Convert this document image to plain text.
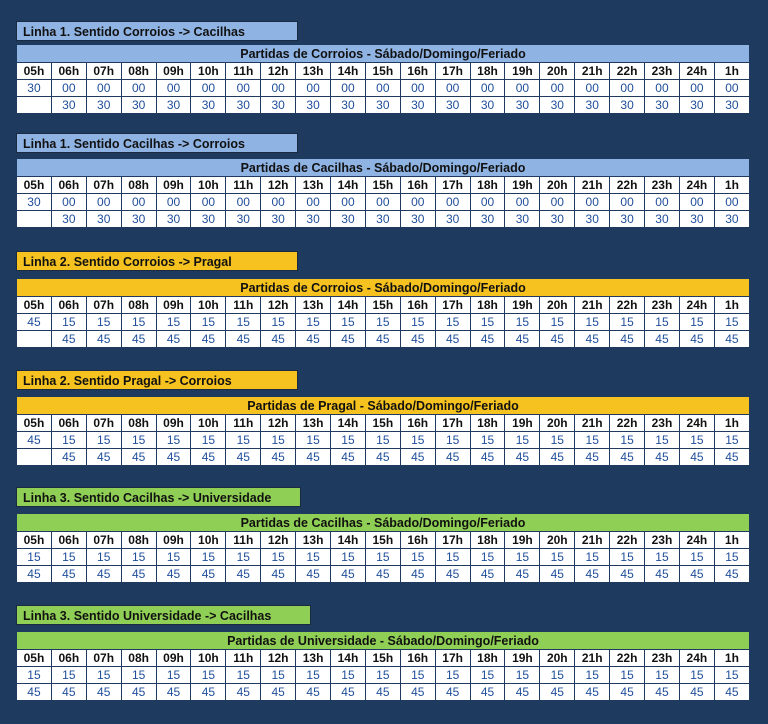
Linha 1. Sentido Corroios -> Cacilhas
Partidas de Corroios - Sábado/Domingo/Feriado																				
05h	06h	07h	08h	09h	10h	11h	12h	13h	14h	15h	16h	17h	18h	19h	20h	21h	22h	23h	24h	1h
30	00	00	00	00	00	00	00	00	00	00	00	00	00	00	00	00	00	00	00	00
	30	30	30	30	30	30	30	30	30	30	30	30	30	30	30	30	30	30	30	30
Linha 1. Sentido Cacilhas -> Corroios
Partidas de Cacilhas - Sábado/Domingo/Feriado																				
05h	06h	07h	08h	09h	10h	11h	12h	13h	14h	15h	16h	17h	18h	19h	20h	21h	22h	23h	24h	1h
30	00	00	00	00	00	00	00	00	00	00	00	00	00	00	00	00	00	00	00	00
	30	30	30	30	30	30	30	30	30	30	30	30	30	30	30	30	30	30	30	30
Linha 2. Sentido Corroios -> Pragal
Partidas de Corroios - Sábado/Domingo/Feriado																				
05h	06h	07h	08h	09h	10h	11h	12h	13h	14h	15h	16h	17h	18h	19h	20h	21h	22h	23h	24h	1h
45	15	15	15	15	15	15	15	15	15	15	15	15	15	15	15	15	15	15	15	15
	45	45	45	45	45	45	45	45	45	45	45	45	45	45	45	45	45	45	45	45
Linha 2. Sentido Pragal -> Corroios
Partidas de Pragal - Sábado/Domingo/Feriado																				
05h	06h	07h	08h	09h	10h	11h	12h	13h	14h	15h	16h	17h	18h	19h	20h	21h	22h	23h	24h	1h
45	15	15	15	15	15	15	15	15	15	15	15	15	15	15	15	15	15	15	15	15
	45	45	45	45	45	45	45	45	45	45	45	45	45	45	45	45	45	45	45	45
Linha 3. Sentido Cacilhas -> Universidade
Partidas de Cacilhas - Sábado/Domingo/Feriado																				
05h	06h	07h	08h	09h	10h	11h	12h	13h	14h	15h	16h	17h	18h	19h	20h	21h	22h	23h	24h	1h
15	15	15	15	15	15	15	15	15	15	15	15	15	15	15	15	15	15	15	15	15
45	45	45	45	45	45	45	45	45	45	45	45	45	45	45	45	45	45	45	45	45
Linha 3. Sentido Universidade -> Cacilhas
Partidas de Universidade - Sábado/Domingo/Feriado																				
05h	06h	07h	08h	09h	10h	11h	12h	13h	14h	15h	16h	17h	18h	19h	20h	21h	22h	23h	24h	1h
15	15	15	15	15	15	15	15	15	15	15	15	15	15	15	15	15	15	15	15	15
45	45	45	45	45	45	45	45	45	45	45	45	45	45	45	45	45	45	45	45	45
